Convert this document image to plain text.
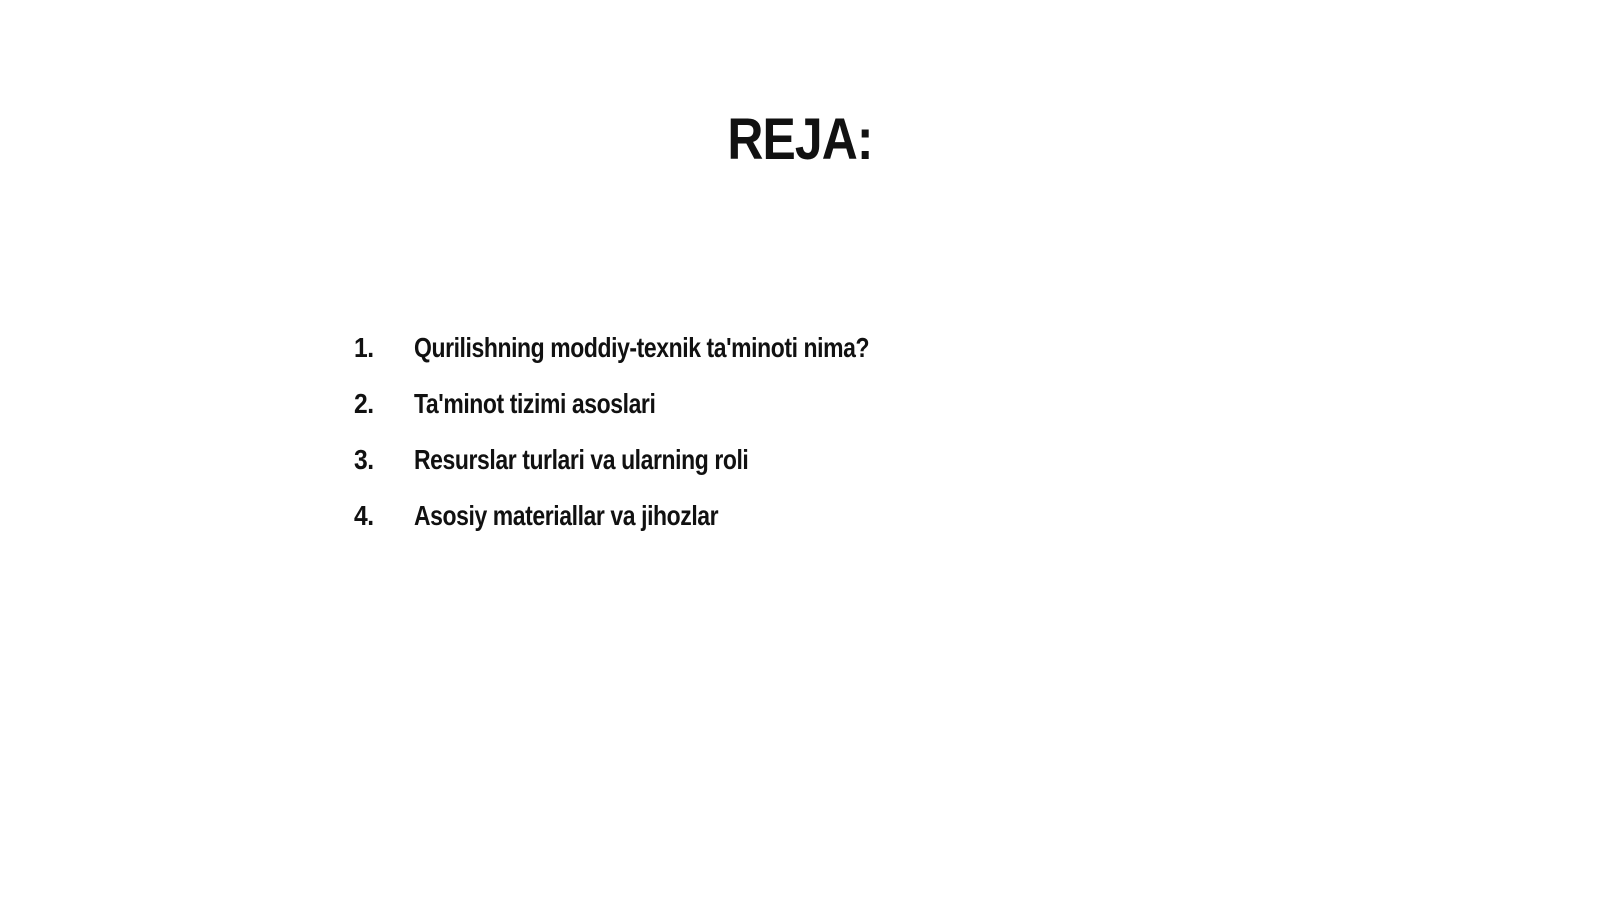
REJA:
1.	Qurilishning moddiy-texnik ta'minoti nima?
2.	Ta'minot tizimi asoslari
3.	Resurslar turlari va ularning roli
4.	Asosiy materiallar va jihozlar
